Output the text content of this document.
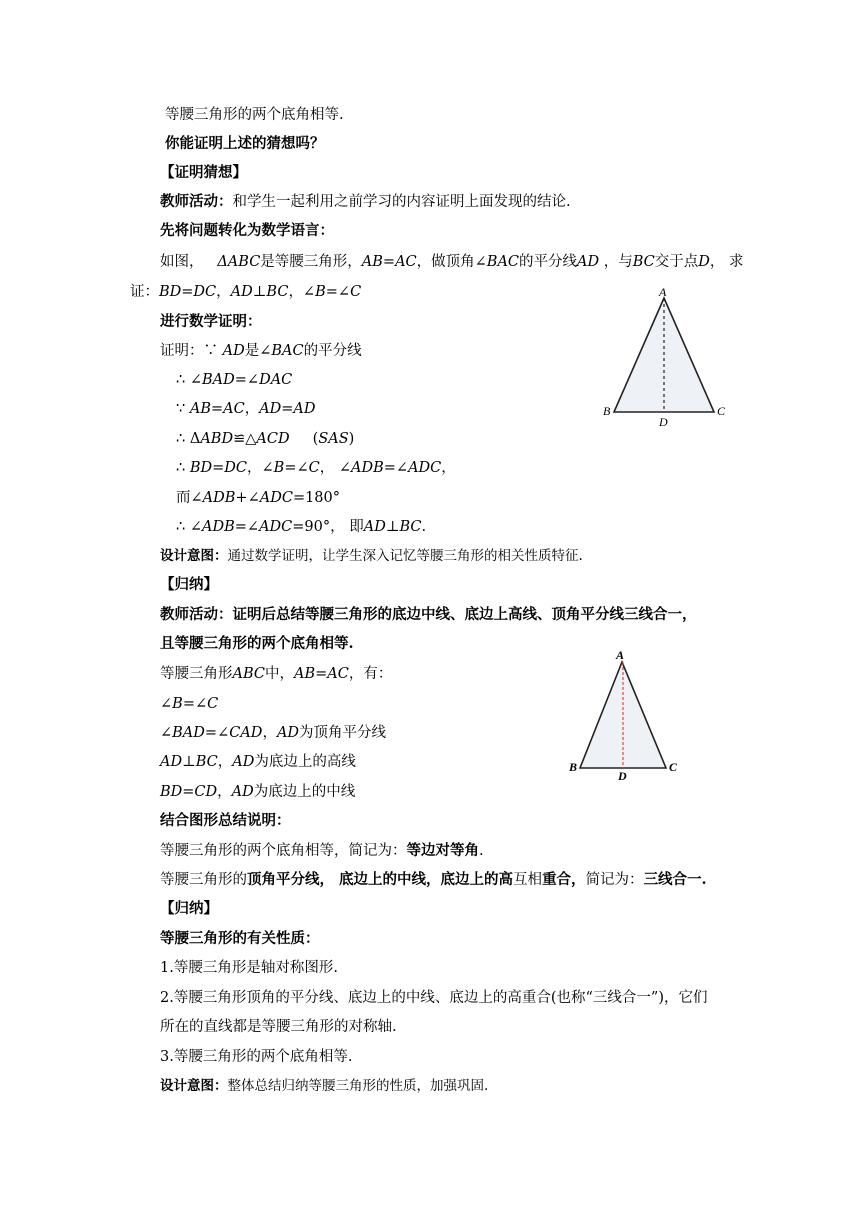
等腰三角形的两个底角相等.
你能证明上述的猜想吗？
【证明猜想】
教师活动：和学生一起利用之前学习的内容证明上面发现的结论.
先将问题转化为数学语言：
如图， ΔABC是等腰三角形，AB=AC，做顶角∠BAC的平分线AD ，与BC交于点D， 求
证：BD=DC，AD⊥BC，∠B=∠C
进行数学证明：
证明：∵ AD是∠BAC的平分线
∴ ∠BAD=∠DAC
∵ AB=AC，AD=AD
∴ ΔABD≌△ACD (SAS)
∴ BD=DC，∠B=∠C， ∠ADB=∠ADC，
而∠ADB+∠ADC=180°
∴ ∠ADB=∠ADC=90°， 即AD⊥BC.
设计意图：通过数学证明，让学生深入记忆等腰三角形的相关性质特征.
【归纳】
教师活动：证明后总结等腰三角形的底边中线、底边上高线、顶角平分线三线合一，
且等腰三角形的两个底角相等.
等腰三角形ABC中，AB=AC，有：
∠B=∠C
∠BAD=∠CAD，AD为顶角平分线
AD⊥BC，AD为底边上的高线
BD=CD，AD为底边上的中线
结合图形总结说明：
等腰三角形的两个底角相等，简记为：等边对等角.
等腰三角形的顶角平分线， 底边上的中线，底边上的高互相重合，简记为：三线合一.
【归纳】
等腰三角形的有关性质：
1.等腰三角形是轴对称图形.
2.等腰三角形顶角的平分线、底边上的中线、底边上的高重合(也称“三线合一”)，它们
所在的直线都是等腰三角形的对称轴.
3.等腰三角形的两个底角相等.
设计意图：整体总结归纳等腰三角形的性质，加强巩固.
A
B	C
D
A
B	C
D
